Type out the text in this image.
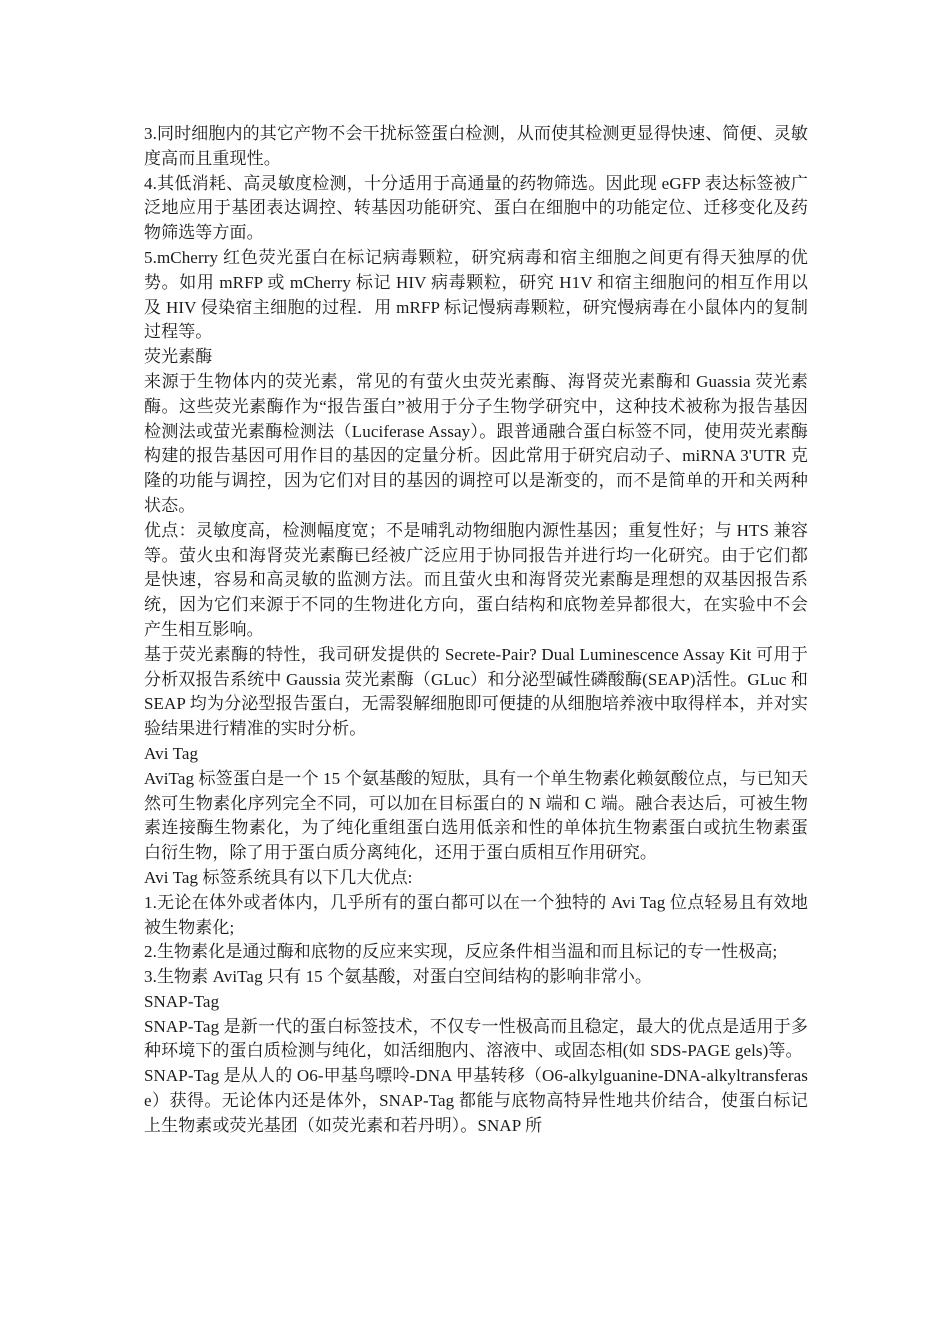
3.同时细胞内的其它产物不会干扰标签蛋白检测，从而使其检测更显得快速、简便、灵敏度高而且重现性。

4.其低消耗、高灵敏度检测，十分适用于高通量的药物筛选。因此现 eGFP 表达标签被广泛地应用于基团表达调控、转基因功能研究、蛋白在细胞中的功能定位、迁移变化及药物筛选等方面。

5.mCherry 红色荧光蛋白在标记病毒颗粒，研究病毒和宿主细胞之间更有得天独厚的优势。如用 mRFP 或 mCherry 标记 HIV 病毒颗粒，研究 H1V 和宿主细胞问的相互作用以及 HIV 侵染宿主细胞的过程．用 mRFP 标记慢病毒颗粒，研究慢病毒在小鼠体内的复制过程等。

荧光素酶

来源于生物体内的荧光素，常见的有萤火虫荧光素酶、海肾荧光素酶和 Guassia 荧光素酶。这些荧光素酶作为“报告蛋白”被用于分子生物学研究中，这种技术被称为报告基因检测法或萤光素酶检测法（Luciferase Assay）。跟普通融合蛋白标签不同，使用荧光素酶构建的报告基因可用作目的基因的定量分析。因此常用于研究启动子、miRNA 3'UTR 克隆的功能与调控，因为它们对目的基因的调控可以是渐变的，而不是简单的开和关两种状态。

优点：灵敏度高，检测幅度宽；不是哺乳动物细胞内源性基因；重复性好；与 HTS 兼容等。萤火虫和海肾荧光素酶已经被广泛应用于协同报告并进行均一化研究。由于它们都是快速，容易和高灵敏的监测方法。而且萤火虫和海肾荧光素酶是理想的双基因报告系统，因为它们来源于不同的生物进化方向，蛋白结构和底物差异都很大，在实验中不会产生相互影响。

基于荧光素酶的特性，我司研发提供的 Secrete-Pair? Dual Luminescence Assay Kit 可用于分析双报告系统中 Gaussia 荧光素酶（GLuc）和分泌型碱性磷酸酶(SEAP)活性。GLuc 和 SEAP 均为分泌型报告蛋白，无需裂解细胞即可便捷的从细胞培养液中取得样本，并对实验结果进行精准的实时分析。

Avi Tag

AviTag 标签蛋白是一个 15 个氨基酸的短肽，具有一个单生物素化赖氨酸位点，与已知天然可生物素化序列完全不同，可以加在目标蛋白的 N 端和 C 端。融合表达后，可被生物素连接酶生物素化，为了纯化重组蛋白选用低亲和性的单体抗生物素蛋白或抗生物素蛋白衍生物，除了用于蛋白质分离纯化，还用于蛋白质相互作用研究。

Avi Tag 标签系统具有以下几大优点:

1.无论在体外或者体内，几乎所有的蛋白都可以在一个独特的 Avi Tag 位点轻易且有效地被生物素化;

2.生物素化是通过酶和底物的反应来实现，反应条件相当温和而且标记的专一性极高;

3.生物素 AviTag 只有 15 个氨基酸，对蛋白空间结构的影响非常小。

SNAP-Tag

SNAP-Tag 是新一代的蛋白标签技术，不仅专一性极高而且稳定，最大的优点是适用于多种环境下的蛋白质检测与纯化，如活细胞内、溶液中、或固态相(如 SDS-PAGE gels)等。

SNAP-Tag 是从人的 O6-甲基鸟嘌呤-DNA 甲基转移（O6-alkylguanine-DNA-alkyltransferase）获得。无论体内还是体外，SNAP-Tag 都能与底物高特异性地共价结合，使蛋白标记上生物素或荧光基团（如荧光素和若丹明）。SNAP 所
